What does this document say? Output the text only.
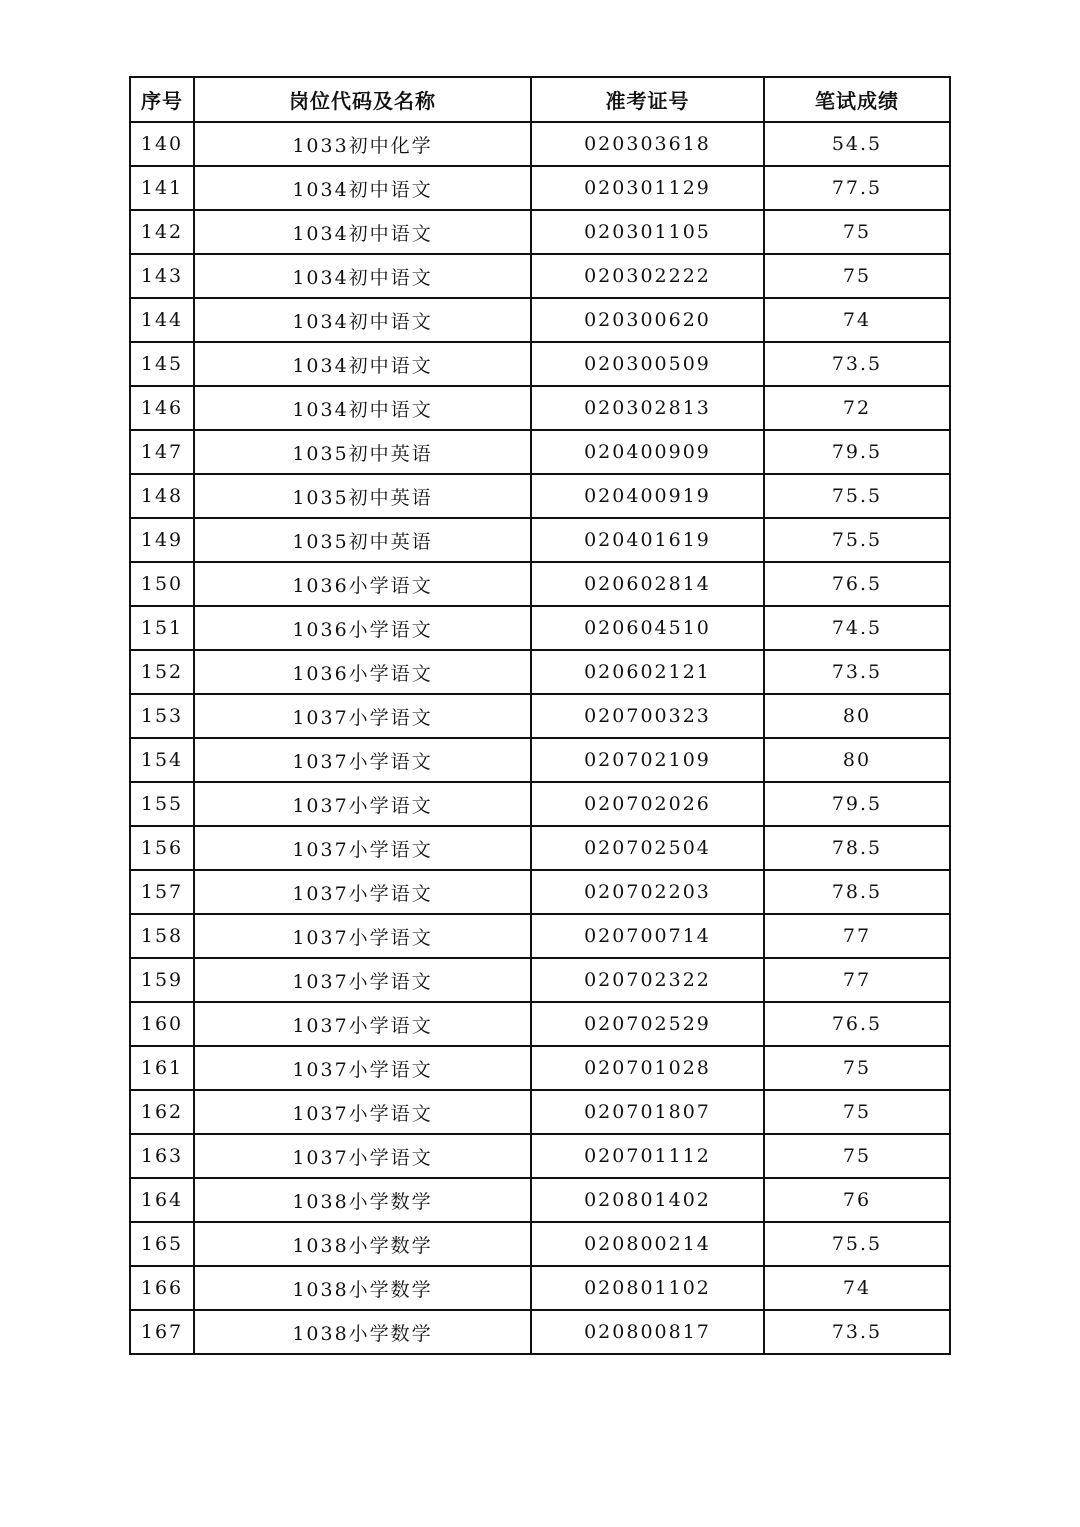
序号	岗位代码及名称	准考证号	笔试成绩
140	1033初中化学	020303618	54.5
141	1034初中语文	020301129	77.5
142	1034初中语文	020301105	75
143	1034初中语文	020302222	75
144	1034初中语文	020300620	74
145	1034初中语文	020300509	73.5
146	1034初中语文	020302813	72
147	1035初中英语	020400909	79.5
148	1035初中英语	020400919	75.5
149	1035初中英语	020401619	75.5
150	1036小学语文	020602814	76.5
151	1036小学语文	020604510	74.5
152	1036小学语文	020602121	73.5
153	1037小学语文	020700323	80
154	1037小学语文	020702109	80
155	1037小学语文	020702026	79.5
156	1037小学语文	020702504	78.5
157	1037小学语文	020702203	78.5
158	1037小学语文	020700714	77
159	1037小学语文	020702322	77
160	1037小学语文	020702529	76.5
161	1037小学语文	020701028	75
162	1037小学语文	020701807	75
163	1037小学语文	020701112	75
164	1038小学数学	020801402	76
165	1038小学数学	020800214	75.5
166	1038小学数学	020801102	74
167	1038小学数学	020800817	73.5
